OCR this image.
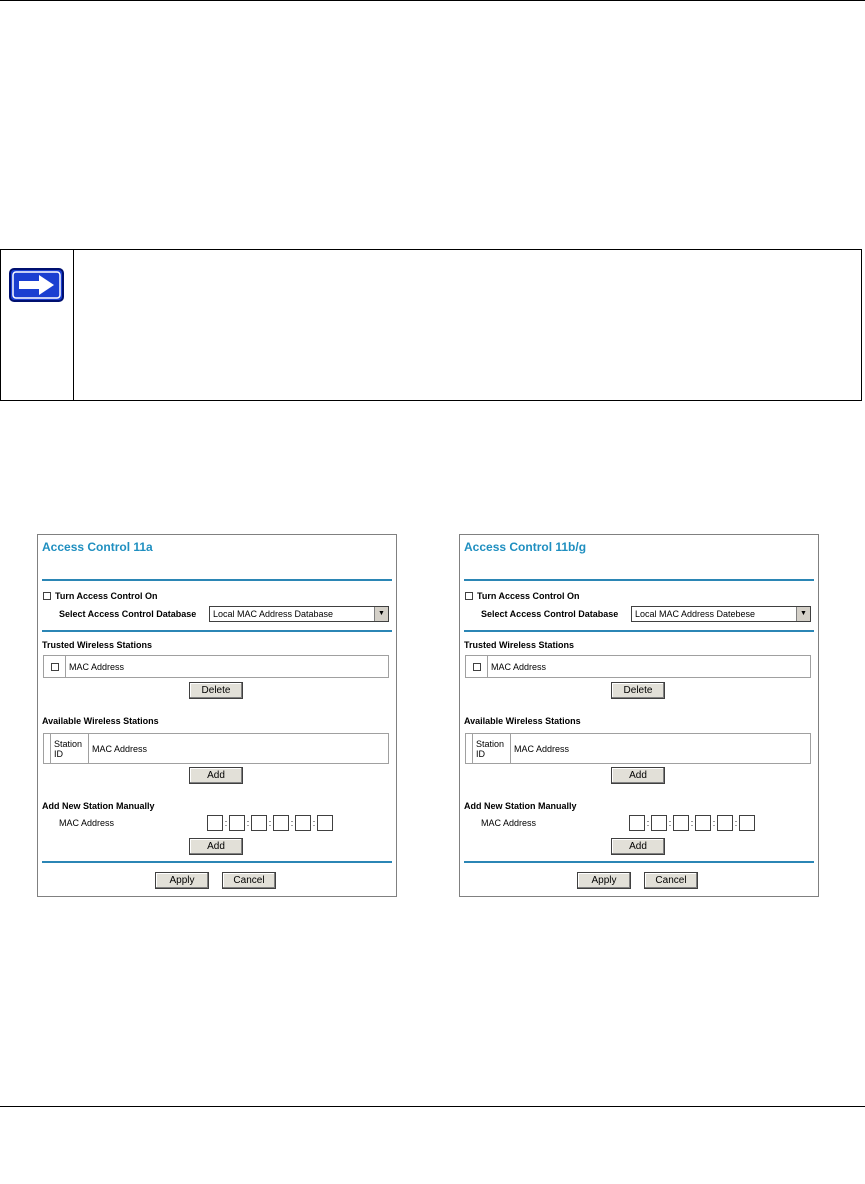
Access Control 11a
Turn Access Control On
Select Access Control Database	Local MAC Address Database	▼
Trusted Wireless Stations
MAC Address
Delete
Available Wireless Stations
Station ID	MAC Address
Add
Add New Station Manually
MAC Address	: : : : :
Add
Apply	Cancel
Access Control 11b/g
Turn Access Control On
Select Access Control Database	Local MAC Address Datebese	▼
Trusted Wireless Stations
MAC Address
Delete
Available Wireless Stations
Station ID	MAC Address
Add
Add New Station Manually
MAC Address	: : : : :
Add
Apply	Cancel
